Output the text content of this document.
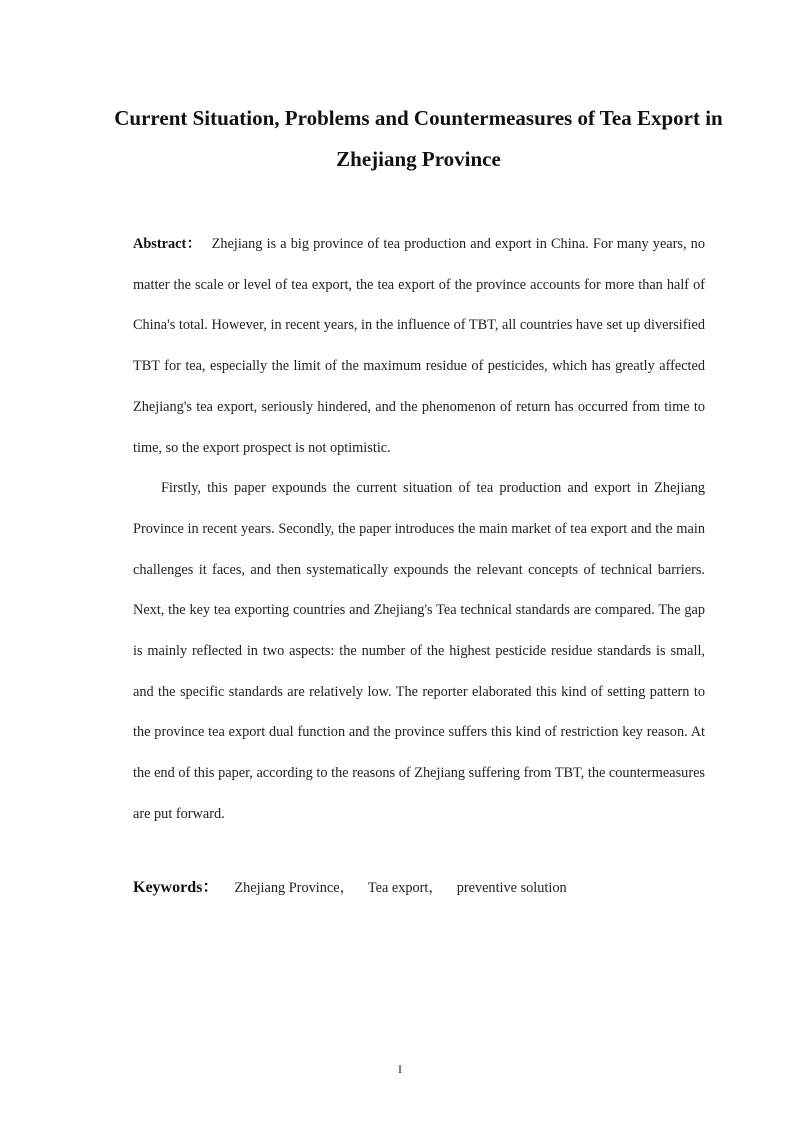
Current Situation, Problems and Countermeasures of Tea Export in Zhejiang Province

Abstract： Zhejiang is a big province of tea production and export in China. For many years, no matter the scale or level of tea export, the tea export of the province accounts for more than half of China's total. However, in recent years, in the influence of TBT, all countries have set up diversified TBT for tea, especially the limit of the maximum residue of pesticides, which has greatly affected Zhejiang's tea export, seriously hindered, and the phenomenon of return has occurred from time to time, so the export prospect is not optimistic.

Firstly, this paper expounds the current situation of tea production and export in Zhejiang Province in recent years. Secondly, the paper introduces the main market of tea export and the main challenges it faces, and then systematically expounds the relevant concepts of technical barriers. Next, the key tea exporting countries and Zhejiang's Tea technical standards are compared. The gap is mainly reflected in two aspects: the number of the highest pesticide residue standards is small, and the specific standards are relatively low. The reporter elaborated this kind of setting pattern to the province tea export dual function and the province suffers this kind of restriction key reason. At the end of this paper, according to the reasons of Zhejiang suffering from TBT, the countermeasures are put forward.

Keywords： Zhejiang Province， Tea export， preventive solution
I
